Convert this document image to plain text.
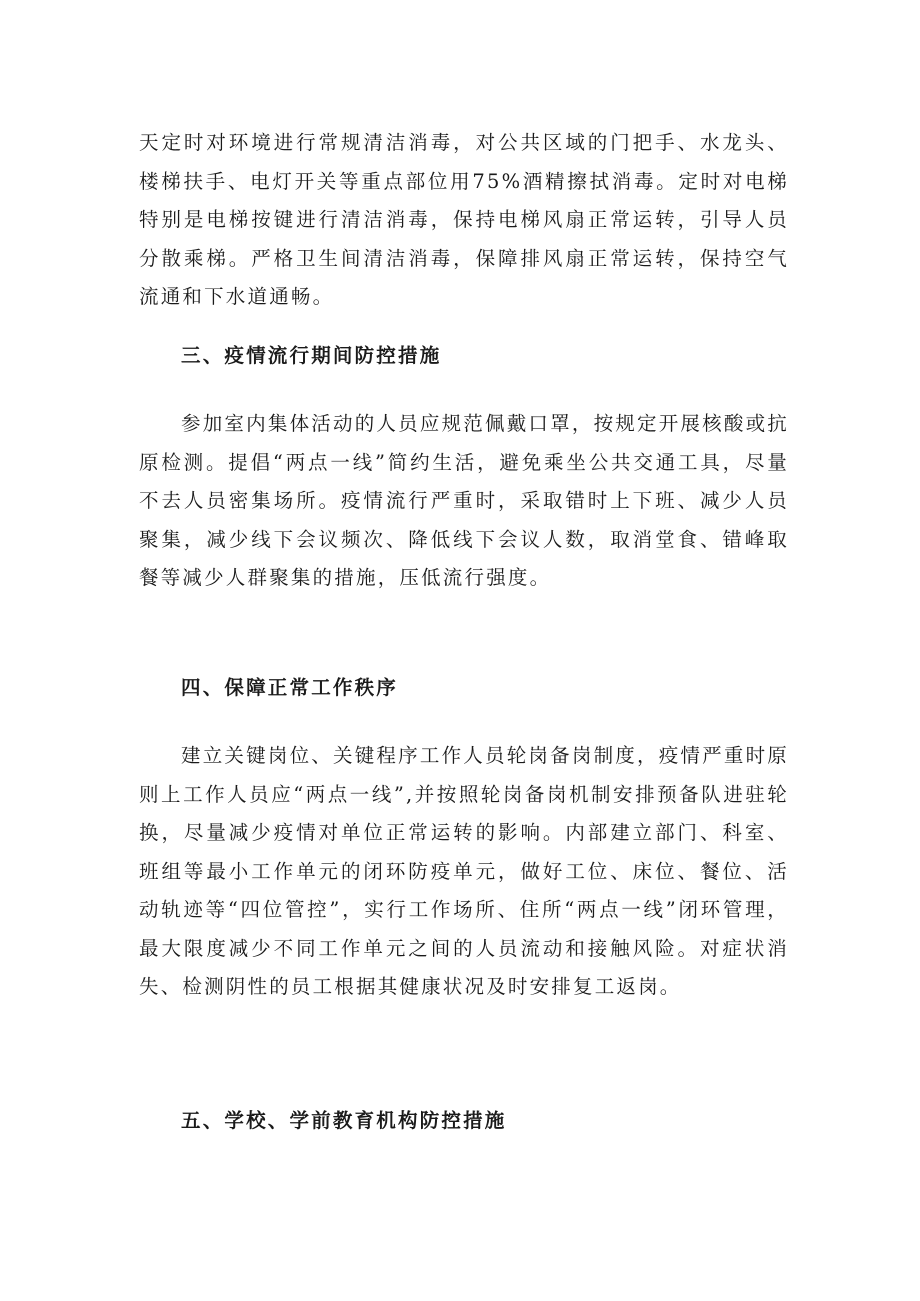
天定时对环境进行常规清洁消毒，对公共区域的门把手、水龙头、楼梯扶手、电灯开关等重点部位用75%酒精擦拭消毒。定时对电梯特别是电梯按键进行清洁消毒，保持电梯风扇正常运转，引导人员分散乘梯。严格卫生间清洁消毒，保障排风扇正常运转，保持空气流通和下水道通畅。

三、疫情流行期间防控措施

参加室内集体活动的人员应规范佩戴口罩，按规定开展核酸或抗原检测。提倡“两点一线”简约生活，避免乘坐公共交通工具，尽量不去人员密集场所。疫情流行严重时，采取错时上下班、减少人员聚集，减少线下会议频次、降低线下会议人数，取消堂食、错峰取餐等减少人群聚集的措施，压低流行强度。

四、保障正常工作秩序

建立关键岗位、关键程序工作人员轮岗备岗制度，疫情严重时原则上工作人员应“两点一线”,并按照轮岗备岗机制安排预备队进驻轮换，尽量减少疫情对单位正常运转的影响。内部建立部门、科室、班组等最小工作单元的闭环防疫单元，做好工位、床位、餐位、活动轨迹等“四位管控”，实行工作场所、住所“两点一线”闭环管理，最大限度减少不同工作单元之间的人员流动和接触风险。对症状消失、检测阴性的员工根据其健康状况及时安排复工返岗。

五、学校、学前教育机构防控措施
